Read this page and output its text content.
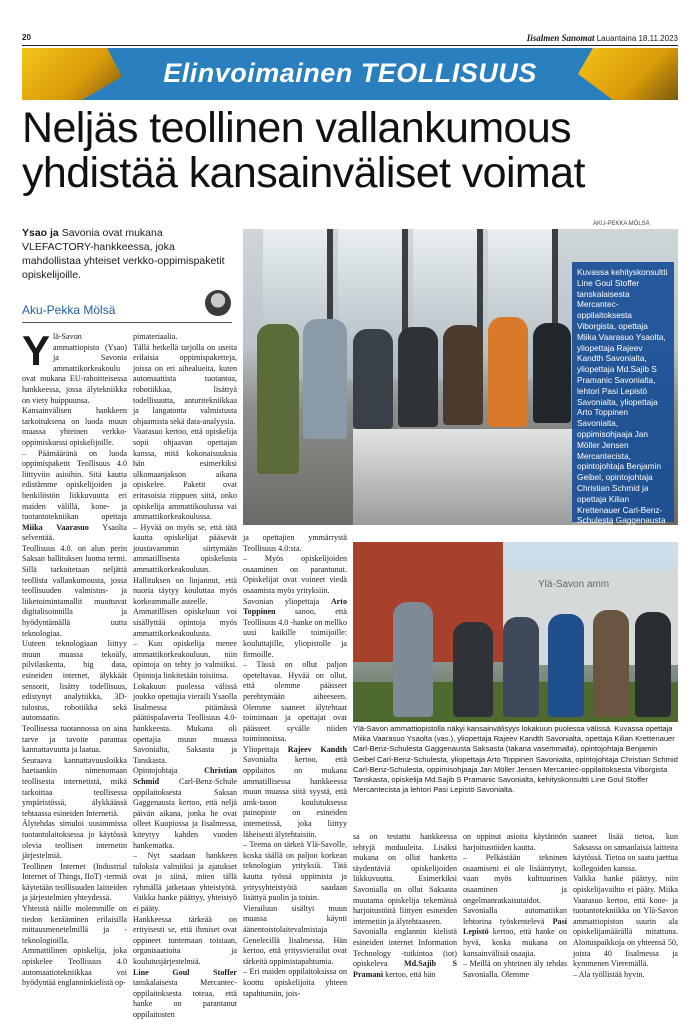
20	Iisalmen Sanomat Lauantaina 18.11.2023
Elinvoimainen TEOLLISUUS
Neljäs teollinen vallankumous
yhdistää kansainväliset voimat
Ysao ja Savonia ovat mukana VLEFACTORY-hankkeessa, joka mahdollistaa yhteiset verkko-oppimispaketit opiskelijoille.
Aku-Pekka Mölsä
Y lä-Savon ammattiopisto (Ysao) ja Savonia ammattikorkeakoulu ovat mukana EU-rahoitteisessa hankkeessa, jossa älytekniikka on viety huippuunsa.

Kansainvälisen hankkeen tarkoituksena on luoda muun muassa yhteinen verkko-oppimiskurssi opiskelijoille.

– Päämääränä on luoda oppimispaketit Teollisuus 4.0 liittyviin asioihin. Sitä kautta edistämme opiskelijoiden ja henkilöstön liikkuvuutta eri maiden välillä, kone- ja tuotantotekniikan opettaja Miika Vaarasuo Ysaolta selventää.

Teollisuus 4.0. on alun perin Saksan hallituksen luoma termi. Sillä tarkoitetaan neljättä teollista vallankumousta, jossa teollisuuden valmistus- ja liiketoimintamallit muuttuvat digitalisoinnilla ja hyödyntämällä uutta teknologiaa.

Uuteen teknologiaan liittyy muun muassa tekoäly, pilvilaskenta, big data, esineiden internet, älykkäät sensorit, lisätty todellisuus, edistynyt analytiikka, 3D-tulostus, robotiikka sekä automaatio.

Teollisessa tuotannossa on aina tarve ja tavoite parantaa kannattavuutta ja laatua.

Seuraava kannattavuusloikka haetaankin nimenomaan teollisesta internetistä, mikä tarkoittaa teollisessa ympäristössä, älykkäässä tehtaassa esineiden Internetiä.

Älytehdas simuloi uusimmissa tuotantolaitoksessa jo käytössä olevia teollisen internetin järjestelmiä.

Teollinen Internet (Industrial Internet of Things, IIoT) -termiä käytetään teollisuuden laitteiden ja järjestelmien yhteydessä.

Yhteistä näille molemmille on tiedon kerääminen erilaisilla mittausmenetelmillä ja -teknologioilla.

Ammattilinen opiskelija, joka opiskelee Teollisuus 4.0 automaatiotekniikkaa voi hyödyntää englanninkielistä op-

pimateriaalia.

Tällä hetkellä tarjolla on useita erilaisia oppimispaketteja, joissa on eri aihealueita, kuten automaattista tuotantoa, robotiikkaa, lisättyä todellisuutta, anturitekniikkaa ja langatonta valmistusta ohjaamista sekä data-analyysia.

Vaarasuo kertoo, että opiskelija sopii ohjaavan opettajan kanssa, mitä kokonaisuuksia hän esimerkiksi ulkomaanjakson aikana opiskelee. Paketit ovat eritasoisia riippuen siitä, onko opiskelija ammattikoulussa vai ammattikorkeakoulussa.

– Hyvää on myös se, että tätä kautta opiskelijat pääsevät joustavammin siirtymään ammatillisesta opiskelusta ammattikorkeakouluun. Hallituksen on linjannut, että nuoria täytyy kouluttaa myös korkeammalle asteelle.

Ammatillisen opiskeluun voi sisällyttää opintoja myös ammattikorkeakoulusta.

– Kun opiskelija menee ammattikorkeakouluun, niin opintoja on tehty jo valmiiksi. Opintoja linkitetään toisiinsa.

Lokakuun puolessa välissä joukko opettajia vieraili Ysaolla Iisalmessa pitämässä päätöspalaveria Teollisuus 4.0-hankkeesta. Mukana oli opettajia muun muassa Savonialta, Saksasta ja Tanskasta.

Opintojohtaja Christian Schmid Carl-Benz-Schule oppilaitoksesta Saksan Gaggenausta kertoo, että neljä päivän aikana, jonka he ovat olleet Kuopiossa ja Iisalmessa, kiteytyy kahden vuoden hankematka.

– Nyt saadaan hankkeen tuloksia valmiiksi ja ajatukset ovat jo siinä, miten tällä ryhmällä jatketaan yhteistyötä. Vaikka hanke päättyy, yhteistyö ei pääty.

Hankkeessa tärkeää on erityisesti se, että ihmiset ovat oppineet tuntemaan toisiaan, organisaatioita ja koulutusjärjestelmiä.

Line Goul Stoffer tanskalaisesta Mercantec-oppilaitoksesta toteaa, että hanke on parantanut oppilaitosten

AKU-PEKKA MÖLSÄ
Kuvassa kehityskonsultti Line Goul Stoffer tanskalaisesta Mercantec-oppilaitoksesta Viborgista, opettaja Miika Vaarasuo Ysaolta, yliopettaja Rajeev Kandth Savonialta, yliopettaja Md.Sajib S Pramanic Savonialta, lehtori Pasi Lepistö Savonialta, yliopettaja Arto Toppinen Savonialta, oppimisohjaaja Jan Möller Jensen Mercantecista, opintojohtaja Benjamin Geibel, opintojohtaja Christian Schmid ja opettaja Kilian Krettenauer Carl-Benz-Schulesta Gaggenaustа Saksasta.

ja opettajien ymmärrystä Teollisuus 4.0:sta.

– Myös opiskelijoiden osaaminen on parantunut. Opiskelijat ovat voineet viedä osaamista myös yrityksiin.

Savonian yliopettaja Arto Toppinen sanoo, että Teollisuus 4.0 -hanke on mellko uusi kaikille toimijoille: kouluttajille, yliopistolle ja firmoille.

– Tässä on ollut paljon opeteltavaa. Hyvää on ollut, että olemme päässeet perehtymään aiheeseen. Olemme saaneet älytehtaat toimimaan ja opettajat ovat päässeet syvälle niiden toiminnoissa.

Yliopettaja Rajeev Kandth Savonialta kertoo, että oppilaitos on mukana ammatillisessa hankkeessa muun muassa siitä syystä, että amk-tason koulutuksessa painopiste on esineiden internetissä, joka liittyy läheisesti älytehtaisiin.

– Teema on tärkeä Ylä-Savolle, koska täällä on paljon korkean teknologian yrityksiä. Tätä kautta työssä oppimista ja yritysyhteistyötä saadaan lisättyä puolin ja toisin.

Vierailuun sisältyi muun muassa käynti äänentoistolaitevalmistaja Genelecillä Iisalmessa. Hän kertoo, että yritysvierailut ovat tärkeitä oppimistapahtumia.

– Eri maiden oppilaitoksissa on koottu opiskelijoita yhteen tapahtumiin, jois-

Ylä-Savon amm
Ylä-Savon ammattiopistolla näkyi kansainvälisyys lokakuun puolessa välissä. Kuvassa opettaja Miika Vaarasuo Ysaolta (vas.), yliopettaja Rajeev Kandth Savonialta, opettaja Kilian Krettenauer Carl-Benz-Schulesta Gaggenausta Saksasta (takana vasemmalla), opintojohtaja Benjamin Geibel Carl-Benz-Schulesta, yliopettaja Arto Toppinen Savonialta, opintojohtaja Christian Schmid Carl-Benz-Schulesta, oppimisohjaaja Jan Möller Jensen Mercantec-oppilaitoksesta Viborgista Tanskasta, opiskelija Md.Sajib S Pramanic Savonialta, kehityskonsultti Line Goul Stoffer Mercantecista ja lehtori Pasi Lepistö Savonialta.

sa on testattu hankkeessa tehtyjä moduuleita. Lisäksi mukana on ollut hanketta täydentäviä opiskelijoiden liikkuvuutta. Esimerkiksi Savonialla on ollut Saksasta muutama opiskelija tekemässä harjoitustöitä liittyen esineiden internetiin ja älytehtaaseen.

Savonialla englannin kielistä esineiden internet Information Technology -tutkintoa (iot) opiskeleva Md.Sajib S Pramani kertoo, että hän

on oppinut asioita käytännön harjoitustöiden kautta.

– Pelkästään tekninen osaamiseni ei ole lisääntynyt, vaan myös kulttuurinen osaaminen ja ongelmanratkaisutaidot.

Savonialla automatiikan lehtorina työskentelevä Pasi Lepistö kertoo, että hanke on hyvä, koska mukana on kansainvälisiä osaajia.

– Meillä on yhteinen äly tehdas Savonialla. Olemme

saaneet lisää tietoa, kun Saksassa on samanlaisia laitteita käytössä. Tietoa on saatu jaettua kollegoiden kanssa.

Vaikka hanke päättyy, niin opiskelijavaihto ei pääty. Miika Vaarasuo kertoo, että kone- ja tuotantotekniikka on Ylä-Savon ammattiopiston suurin ala opiskelijamäärällä mitattuna. Aloituspaikkoja on yhteensä 50, joista 40 Iisalmessa ja kymmenen Vieremällä.

– Ala työllistää hyvin.
